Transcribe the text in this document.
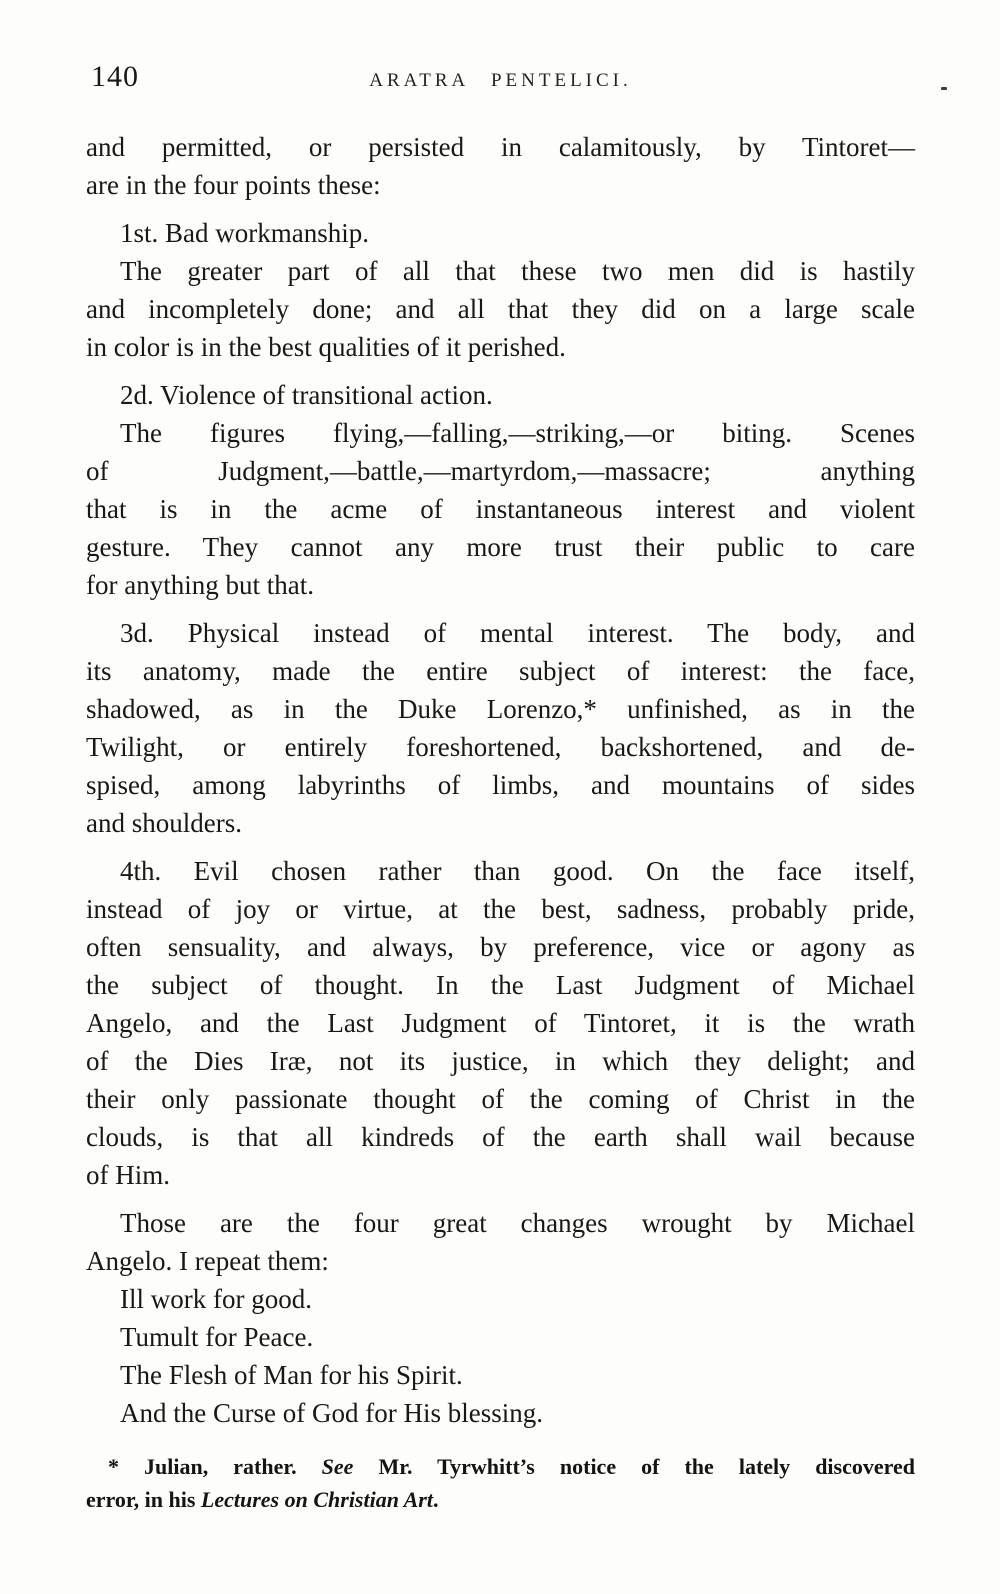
140	ARATRA PENTELICI.
and permitted, or persisted in calamitously, by Tintoret—
are in the four points these:
1st. Bad workmanship.
The greater part of all that these two men did is hastily
and incompletely done; and all that they did on a large scale
in color is in the best qualities of it perished.
2d. Violence of transitional action.
The figures flying,—falling,—striking,—or biting. Scenes
of Judgment,—battle,—martyrdom,—massacre; anything
that is in the acme of instantaneous interest and violent
gesture. They cannot any more trust their public to care
for anything but that.
3d. Physical instead of mental interest. The body, and
its anatomy, made the entire subject of interest: the face,
shadowed, as in the Duke Lorenzo,* unfinished, as in the
Twilight, or entirely foreshortened, backshortened, and de-
spised, among labyrinths of limbs, and mountains of sides
and shoulders.
4th. Evil chosen rather than good. On the face itself,
instead of joy or virtue, at the best, sadness, probably pride,
often sensuality, and always, by preference, vice or agony as
the subject of thought. In the Last Judgment of Michael
Angelo, and the Last Judgment of Tintoret, it is the wrath
of the Dies Iræ, not its justice, in which they delight; and
their only passionate thought of the coming of Christ in the
clouds, is that all kindreds of the earth shall wail because
of Him.
Those are the four great changes wrought by Michael
Angelo. I repeat them:
Ill work for good.
Tumult for Peace.
The Flesh of Man for his Spirit.
And the Curse of God for His blessing.
* Julian, rather. See Mr. Tyrwhitt’s notice of the lately discovered
error, in his Lectures on Christian Art.
